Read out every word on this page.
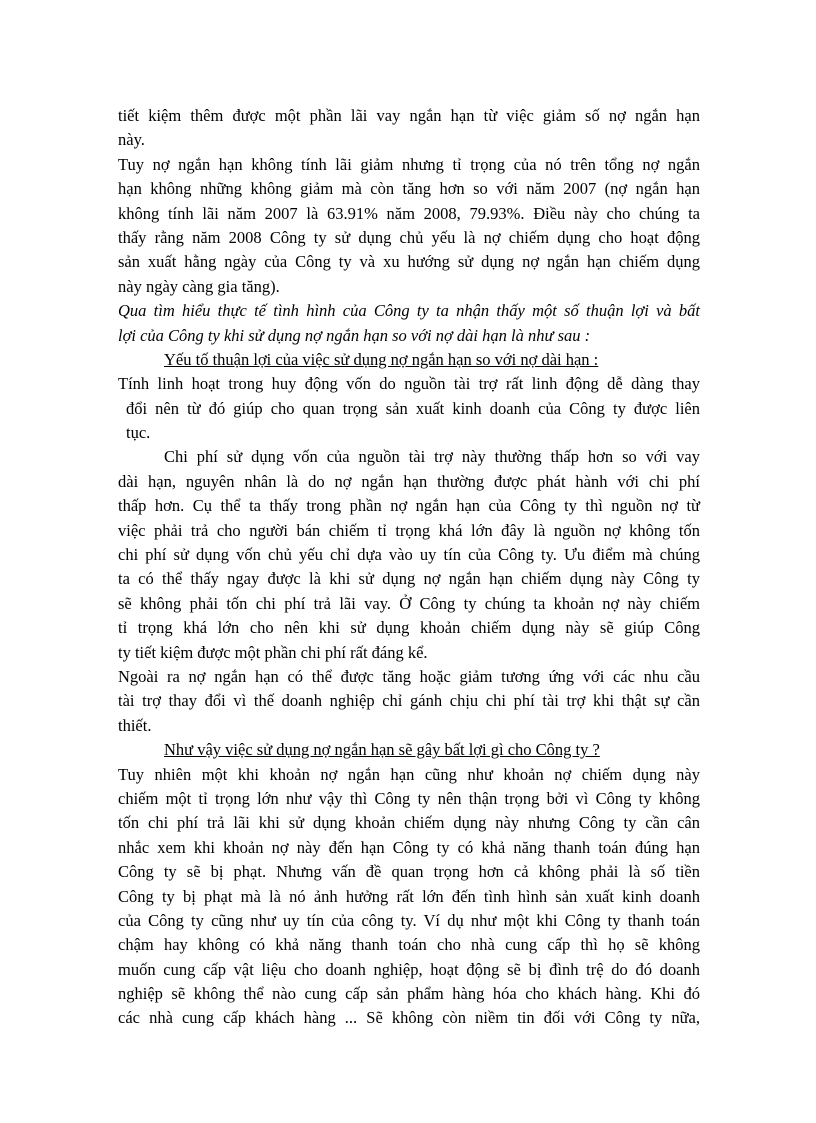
tiết kiệm thêm được một phần lãi vay ngắn hạn từ việc giảm số nợ ngắn hạn
này.
Tuy nợ ngắn hạn không tính lãi giảm nhưng tỉ trọng của nó trên tổng nợ ngắn
hạn không những không giảm mà còn tăng hơn so với năm 2007 (nợ ngắn hạn
không tính lãi năm 2007 là 63.91% năm 2008, 79.93%. Điều này cho chúng ta
thấy rằng năm 2008 Công ty sử dụng chủ yếu là nợ chiếm dụng cho hoạt động
sản xuất hằng ngày của Công ty và xu hướng sử dụng nợ ngắn hạn chiếm dụng
này ngày càng gia tăng).
Qua tìm hiểu thực tế tình hình của Công ty ta nhận thấy một số thuận lợi và bất
lợi của Công ty khi sử dụng nợ ngắn hạn so với nợ dài hạn là như sau :
Yếu tố thuận lợi của việc sử dụng nợ ngắn hạn so với nợ dài hạn :
Tính linh hoạt trong huy động vốn do nguồn tài trợ rất linh động dễ dàng thay
đổi nên từ đó giúp cho quan trọng sản xuất kinh doanh của Công ty được liên
tục.
Chi phí sử dụng vốn của nguồn tài trợ này thường thấp hơn so với vay
dài hạn, nguyên nhân là do nợ ngắn hạn thường được phát hành với chi phí
thấp hơn. Cụ thể ta thấy trong phần nợ ngắn hạn của Công ty thì nguồn nợ từ
việc phải trả cho người bán chiếm tỉ trọng khá lớn đây là nguồn nợ không tốn
chi phí sử dụng vốn chủ yếu chỉ dựa vào uy tín của Công ty. Ưu điểm mà chúng
ta có thể thấy ngay được là khi sử dụng nợ ngắn hạn chiếm dụng này Công ty
sẽ không phải tốn chi phí trả lãi vay. Ở Công ty chúng ta khoản nợ này chiếm
tỉ trọng khá lớn cho nên khi sử dụng khoản chiếm dụng này sẽ giúp Công
ty tiết kiệm được một phần chi phí rất đáng kể.
Ngoài ra nợ ngắn hạn có thể được tăng hoặc giảm tương ứng với các nhu cầu
tài trợ thay đổi vì thế doanh nghiệp chỉ gánh chịu chi phí tài trợ khi thật sự cần
thiết.
Như vậy việc sử dụng nợ ngắn hạn sẽ gây bất lợi gì cho Công ty ?
Tuy nhiên một khi khoản nợ ngắn hạn cũng như khoản nợ chiếm dụng này
chiếm một tỉ trọng lớn như vậy thì Công ty nên thận trọng bởi vì Công ty không
tốn chi phí trả lãi khi sử dụng khoản chiếm dụng này nhưng Công ty cần cân
nhắc xem khi khoản nợ này đến hạn Công ty có khả năng thanh toán đúng hạn
Công ty sẽ bị phạt. Nhưng vấn đề quan trọng hơn cả không phải là số tiền
Công ty bị phạt mà là nó ảnh hưởng rất lớn đến tình hình sản xuất kinh doanh
của Công ty cũng như uy tín của công ty. Ví dụ như một khi Công ty thanh toán
chậm hay không có khả năng thanh toán cho nhà cung cấp thì họ sẽ không
muốn cung cấp vật liệu cho doanh nghiệp, hoạt động sẽ bị đình trệ do đó doanh
nghiệp sẽ không thể nào cung cấp sản phẩm hàng hóa cho khách hàng. Khi đó
các nhà cung cấp khách hàng ... Sẽ không còn niềm tin đối với Công ty nữa,
